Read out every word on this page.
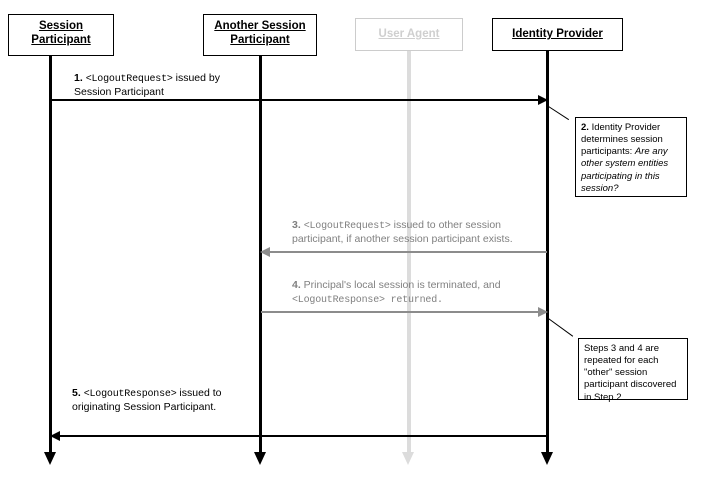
Session
Participant
Another Session
Participant
User Agent	Identity Provider
1. <LogoutRequest> issued by
Session Participant
2. Identity Provider determines session participants: Are any other system entities participating in this session?
3. <LogoutRequest> issued to other session
participant, if another session participant exists.
4. Principal's local session is terminated, and
<LogoutResponse> returned.
Steps 3 and 4 are repeated for each "other" session participant discovered in Step 2.
5. <LogoutResponse> issued to
originating Session Participant.
